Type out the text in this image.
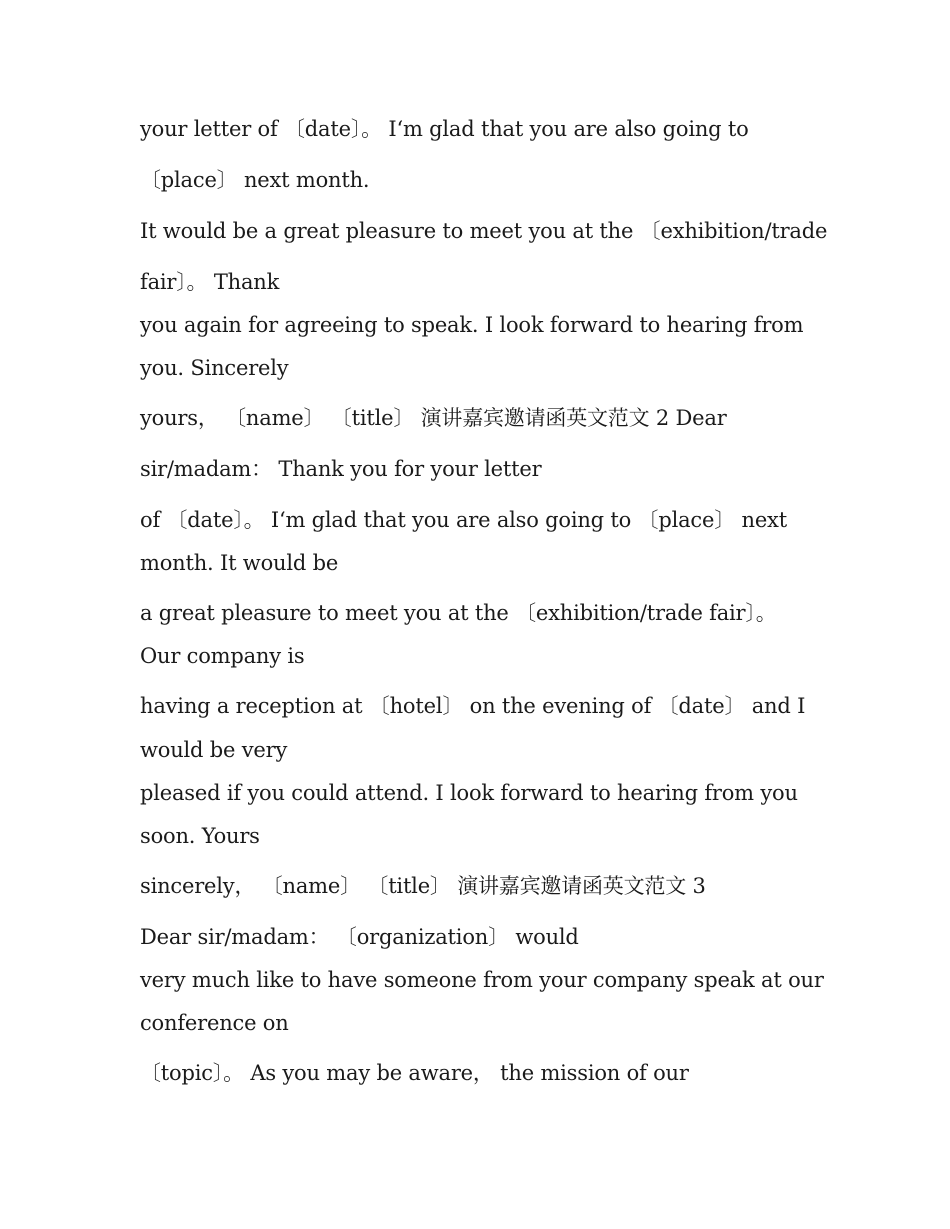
your letter of 〔date〕。 I‘m glad that you are also going to

〔place〕 next month.

It would be a great pleasure to meet you at the 〔exhibition/trade

fair〕。 Thank

you again for agreeing to speak. I look forward to hearing from

you. Sincerely

yours， 〔name〕 〔title〕 演讲嘉宾邀请函英文范文 2 Dear

sir/madam： Thank you for your letter

of 〔date〕。 I‘m glad that you are also going to 〔place〕 next

month. It would be

a great pleasure to meet you at the 〔exhibition/trade fair〕。

Our company is

having a reception at 〔hotel〕 on the evening of 〔date〕 and I

would be very

pleased if you could attend. I look forward to hearing from you

soon. Yours

sincerely， 〔name〕 〔title〕 演讲嘉宾邀请函英文范文 3

Dear sir/madam： 〔organization〕 would

very much like to have someone from your company speak at our

conference on

〔topic〕。 As you may be aware， the mission of our
